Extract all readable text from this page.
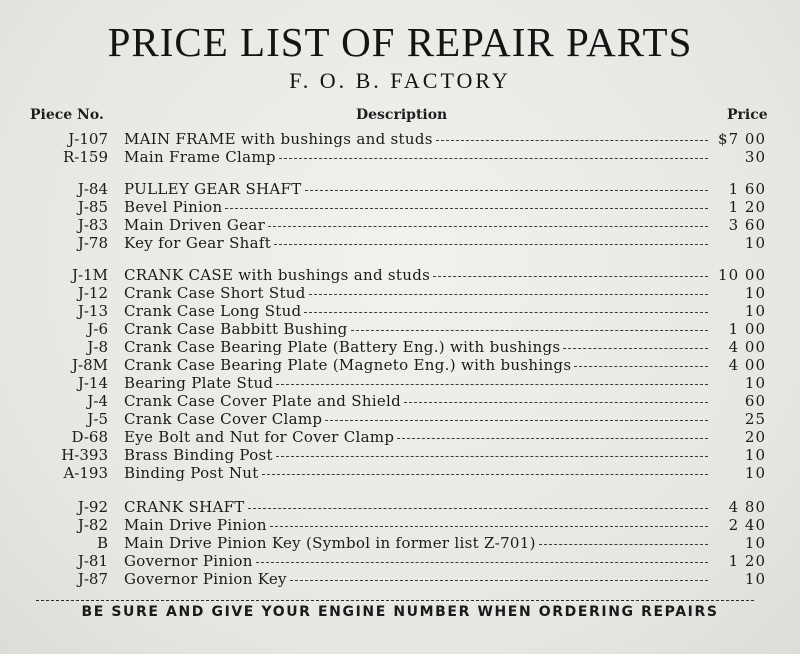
PRICE LIST OF REPAIR PARTS
F. O. B. FACTORY
Piece No.	Description	Price
J-107 MAIN FRAME with bushings and studs	$7 00
R-159 Main Frame Clamp	30
J-84 PULLEY GEAR SHAFT	1 60
J-85 Bevel Pinion	1 20
J-83 Main Driven Gear	3 60
J-78 Key for Gear Shaft	10
J-1M CRANK CASE with bushings and studs	10 00
J-12 Crank Case Short Stud	10
J-13 Crank Case Long Stud	10
J-6 Crank Case Babbitt Bushing	1 00
J-8 Crank Case Bearing Plate (Battery Eng.) with bushings	4 00
J-8M Crank Case Bearing Plate (Magneto Eng.) with bushings	4 00
J-14 Bearing Plate Stud	10
J-4 Crank Case Cover Plate and Shield	60
J-5 Crank Case Cover Clamp	25
D-68 Eye Bolt and Nut for Cover Clamp	20
H-393 Brass Binding Post	10
A-193 Binding Post Nut	10
J-92 CRANK SHAFT	4 80
J-82 Main Drive Pinion	2 40
B Main Drive Pinion Key (Symbol in former list Z-701)	10
J-81 Governor Pinion	1 20
J-87 Governor Pinion Key	10
BE SURE AND GIVE YOUR ENGINE NUMBER WHEN ORDERING REPAIRS
